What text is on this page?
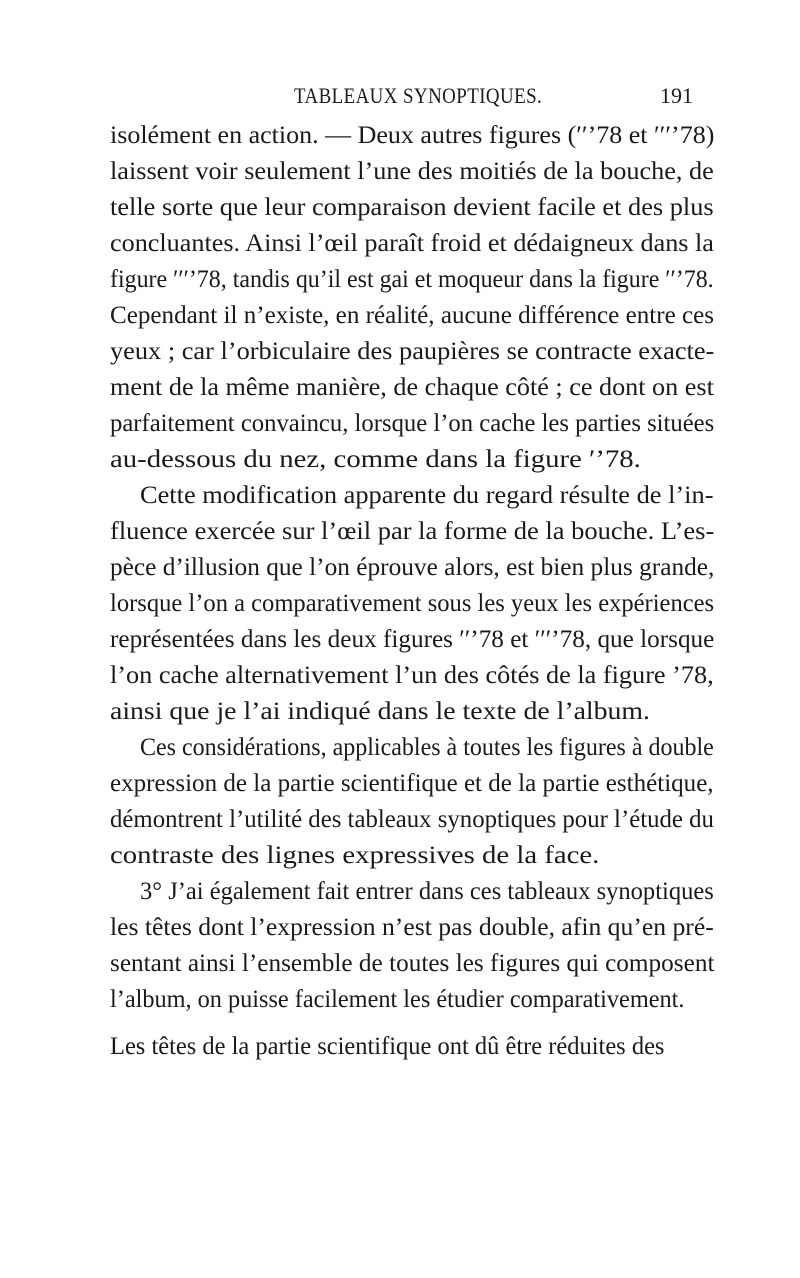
TABLEAUX SYNOPTIQUES.	191
isolément en action. — Deux autres figures (′′’78 et ′′′’78)
laissent voir seulement l’une des moitiés de la bouche, de
telle sorte que leur comparaison devient facile et des plus
concluantes. Ainsi l’œil paraît froid et dédaigneux dans la
figure ′′′’78, tandis qu’il est gai et moqueur dans la figure ′′’78.
Cependant il n’existe, en réalité, aucune différence entre ces
yeux ; car l’orbiculaire des paupières se contracte exacte-
ment de la même manière, de chaque côté ; ce dont on est
parfaitement convaincu, lorsque l’on cache les parties situées
au-dessous du nez, comme dans la figure ′’78.
Cette modification apparente du regard résulte de l’in-
fluence exercée sur l’œil par la forme de la bouche. L’es-
pèce d’illusion que l’on éprouve alors, est bien plus grande,
lorsque l’on a comparativement sous les yeux les expériences
représentées dans les deux figures ′′’78 et ′′′’78, que lorsque
l’on cache alternativement l’un des côtés de la figure ’78,
ainsi que je l’ai indiqué dans le texte de l’album.
Ces considérations, applicables à toutes les figures à double
expression de la partie scientifique et de la partie esthétique,
démontrent l’utilité des tableaux synoptiques pour l’étude du
contraste des lignes expressives de la face.
3° J’ai également fait entrer dans ces tableaux synoptiques
les têtes dont l’expression n’est pas double, afin qu’en pré-
sentant ainsi l’ensemble de toutes les figures qui composent
l’album, on puisse facilement les étudier comparativement.
Les têtes de la partie scientifique ont dû être réduites des
